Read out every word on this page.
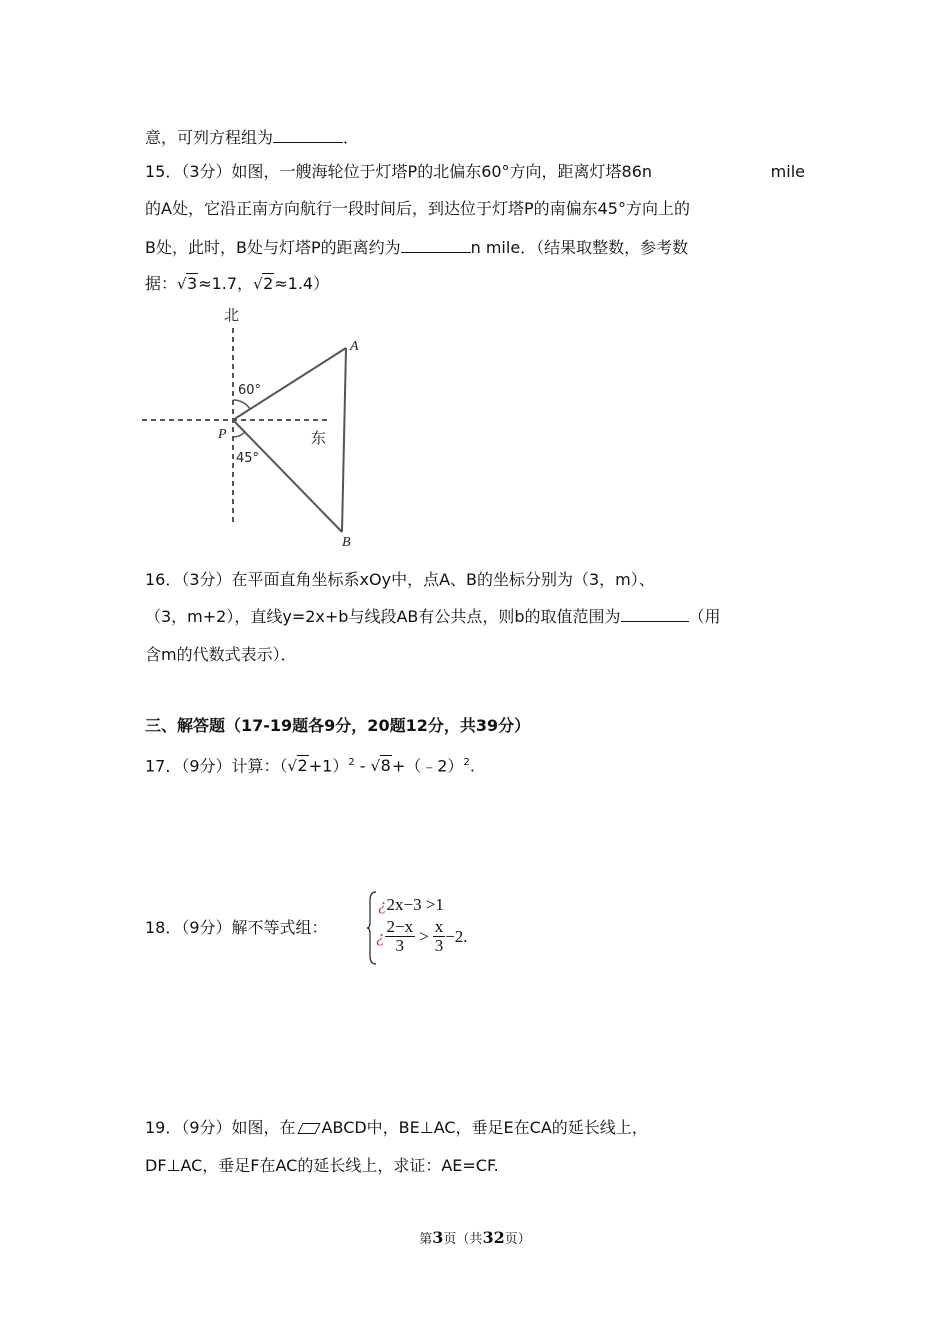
意，可列方程组为	．
15．（3分）如图，一艘海轮位于灯塔P的北偏东60°方向，距离灯塔86n	mile
的A处，它沿正南方向航行一段时间后，到达位于灯塔P的南偏东45°方向上的
B处，此时，B处与灯塔P的距离约为	n mile．（结果取整数，参考数
据： √ 3≈1.7， √ 2≈1.4）
北
东
P
A
B
60°
45°
16．（3分）在平面直角坐标系xOy中，点A、B的坐标分别为（3，m）、
（3，m+2），直线y=2x+b与线段AB有公共点，则b的取值范围为	（用
含m的代数式表示）．
三、解答题（17-19题各9分，20题12分，共39分）
17．（9分）计算：（ √ 2+1）$^2$ - √ 8+（﹣2）$^2$.
18．（9分）解不等式组：
¿2x−3 >1
¿ $\frac{2-x}{3} > \frac{x}{3} -2$ .
19．（9分）如图，在 ABCD中，BE⊥AC，垂足E在CA的延长线上，
DF⊥AC，垂足F在AC的延长线上，求证：AE=CF.
第3页（共32页）
